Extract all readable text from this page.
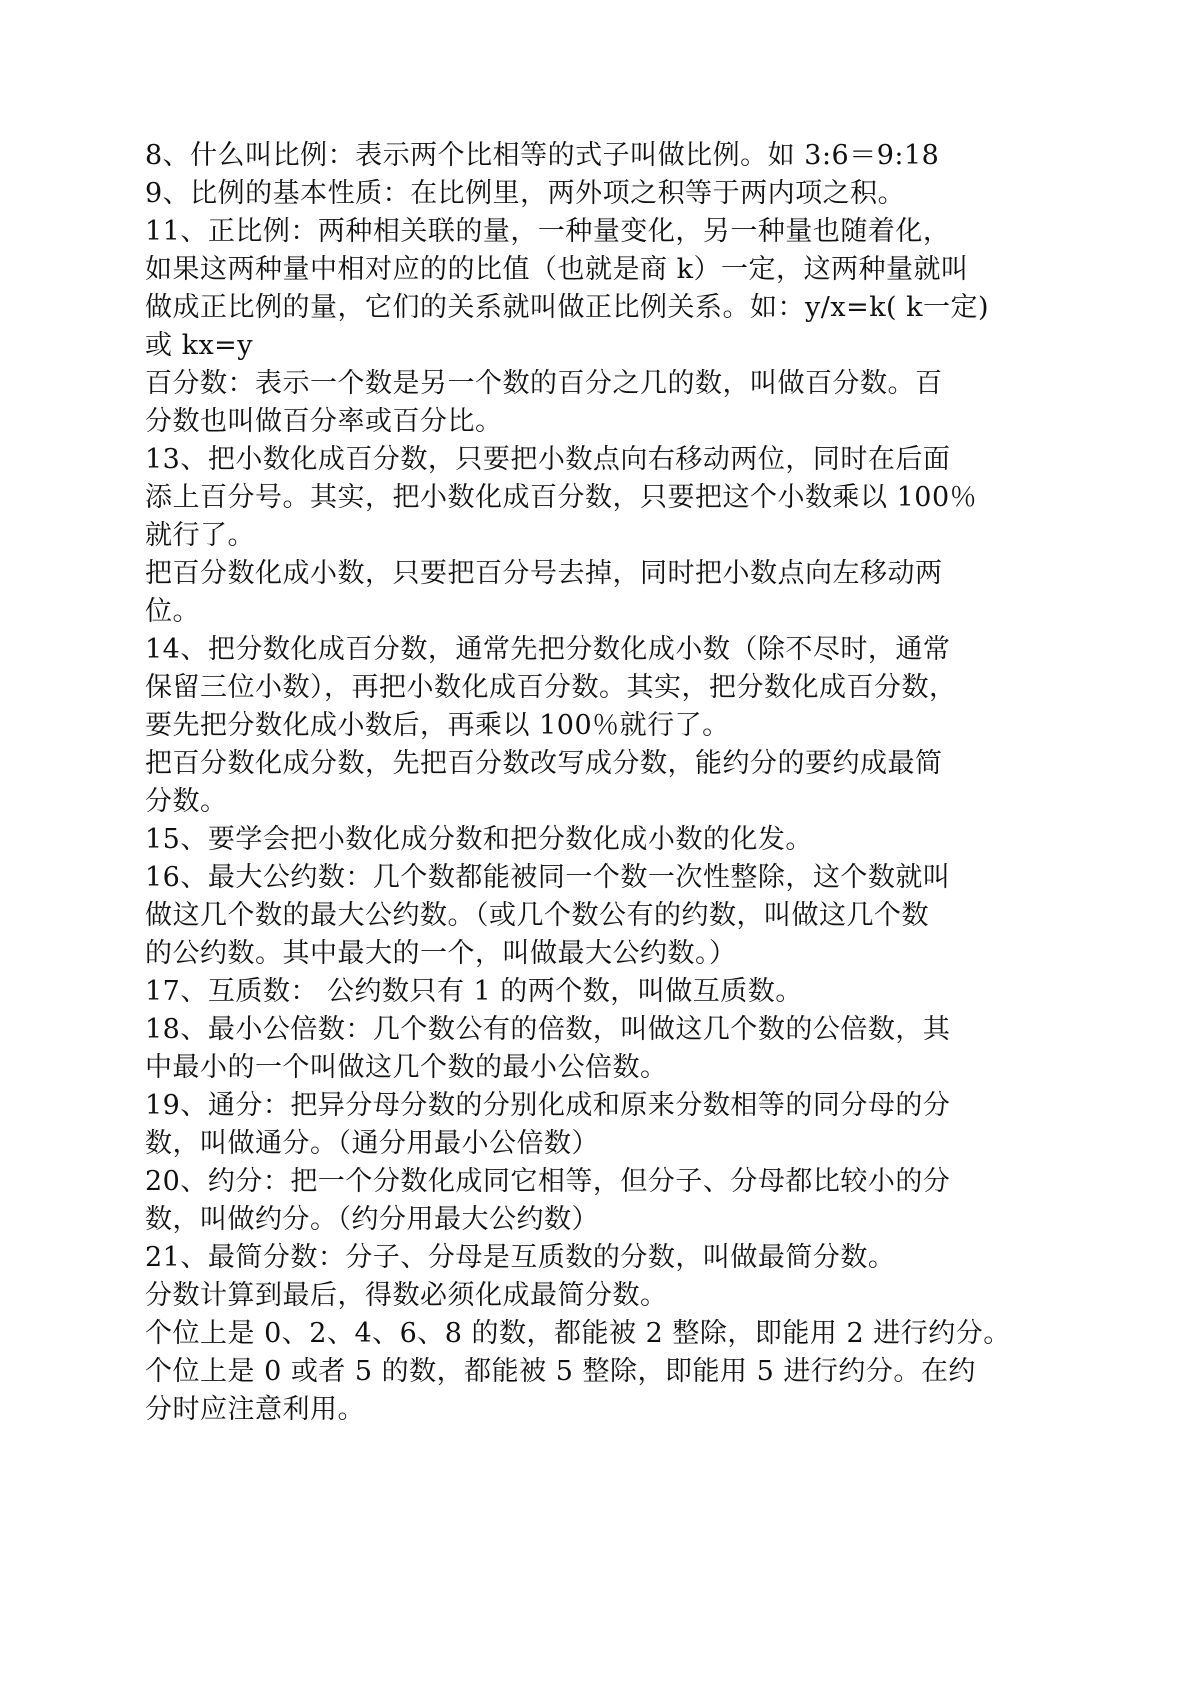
8、什么叫比例：表示两个比相等的式子叫做比例。如 3:6＝9:18
9、比例的基本性质：在比例里，两外项之积等于两内项之积。
11、正比例：两种相关联的量，一种量变化，另一种量也随着化，
如果这两种量中相对应的的比值（也就是商 k）一定，这两种量就叫
做成正比例的量，它们的关系就叫做正比例关系。如：y/x=k( k一定)
或 kx=y
百分数：表示一个数是另一个数的百分之几的数，叫做百分数。百
分数也叫做百分率或百分比。
13、把小数化成百分数，只要把小数点向右移动两位，同时在后面
添上百分号。其实，把小数化成百分数，只要把这个小数乘以 100％
就行了。
把百分数化成小数，只要把百分号去掉，同时把小数点向左移动两
位。
14、把分数化成百分数，通常先把分数化成小数（除不尽时，通常
保留三位小数），再把小数化成百分数。其实，把分数化成百分数，
要先把分数化成小数后，再乘以 100％就行了。
把百分数化成分数，先把百分数改写成分数，能约分的要约成最简
分数。
15、要学会把小数化成分数和把分数化成小数的化发。
16、最大公约数：几个数都能被同一个数一次性整除，这个数就叫
做这几个数的最大公约数。（或几个数公有的约数，叫做这几个数
的公约数。其中最大的一个，叫做最大公约数。）
17、互质数： 公约数只有 1 的两个数，叫做互质数。
18、最小公倍数：几个数公有的倍数，叫做这几个数的公倍数，其
中最小的一个叫做这几个数的最小公倍数。
19、通分：把异分母分数的分别化成和原来分数相等的同分母的分
数，叫做通分。（通分用最小公倍数）
20、约分：把一个分数化成同它相等，但分子、分母都比较小的分
数，叫做约分。（约分用最大公约数）
21、最简分数：分子、分母是互质数的分数，叫做最简分数。
分数计算到最后，得数必须化成最简分数。
个位上是 0、2、4、6、8 的数，都能被 2 整除，即能用 2 进行约分。
个位上是 0 或者 5 的数，都能被 5 整除，即能用 5 进行约分。在约
分时应注意利用。
